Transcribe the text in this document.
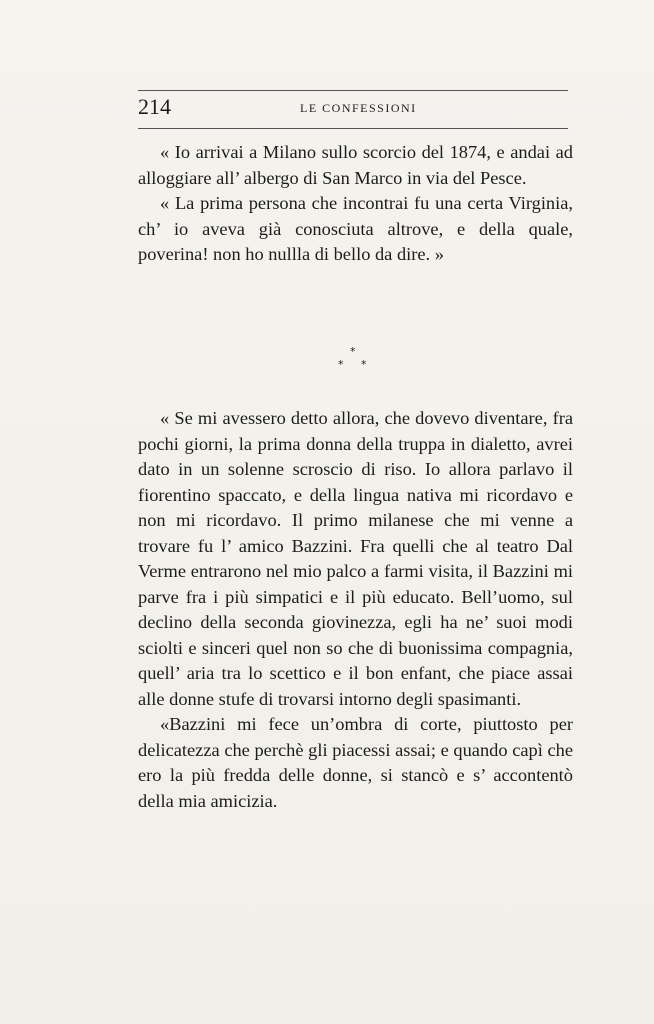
214	LE CONFESSIONI

« Io arrivai a Milano sullo scorcio del 1874, e andai ad alloggiare all’ albergo di San Marco in via del Pesce.

« La prima persona che incontrai fu una certa Virginia, ch’ io aveva già conosciuta altrove, e della quale, poverina! non ho nullla di bello da dire. »

*
* *

« Se mi avessero detto allora, che dovevo diventare, fra pochi giorni, la prima donna della truppa in dialetto, avrei dato in un solenne scroscio di riso. Io allora parlavo il fiorentino spaccato, e della lingua nativa mi ricordavo e non mi ricordavo. Il primo milanese che mi venne a trovare fu l’ amico Bazzini. Fra quelli che al teatro Dal Verme entrarono nel mio palco a farmi visita, il Bazzini mi parve fra i più simpatici e il più educato. Bell’uomo, sul declino della seconda giovinezza, egli ha ne’ suoi modi sciolti e sinceri quel non so che di buonissima compagnia, quell’ aria tra lo scettico e il bon enfant, che piace assai alle donne stufe di trovarsi intorno degli spasimanti.

«Bazzini mi fece un’ombra di corte, piuttosto per delicatezza che perchè gli piacessi assai; e quando capì che ero la più fredda delle donne, si stancò e s’ accontentò della mia amicizia.
